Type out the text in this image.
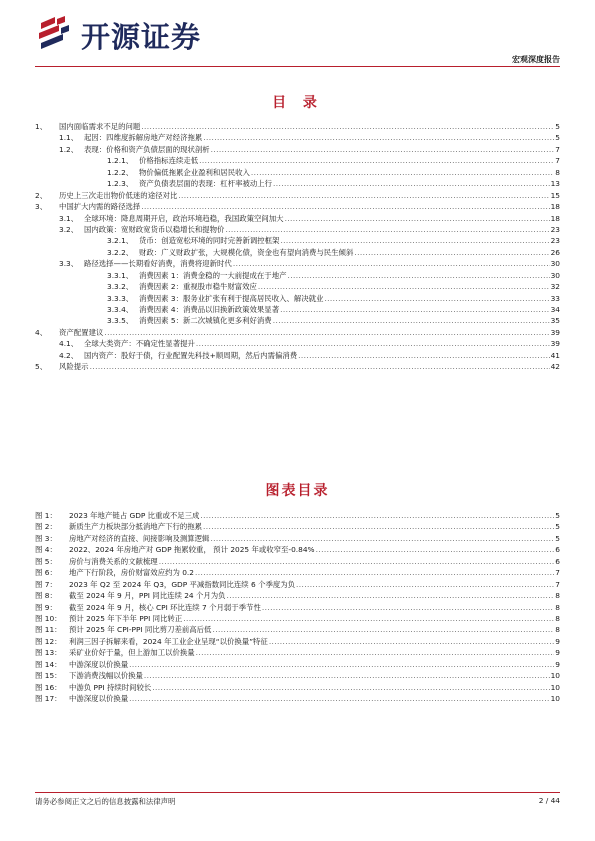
开源证券
宏观深度报告
目 录
1、	国内面临需求不足的问题 .....	5
1.1、 起因：四维度拆解房地产对经济拖累 .....	5
1.2、 表现：价格和资产负债层面的现状剖析 .....	7
1.2.1、 价格指标连续走低 .....	7
1.2.2、 物价偏低拖累企业盈利和居民收入 .....	8
1.2.3、 资产负债表层面的表现：杠杆率被动上行 .....	13
2、	历史上三次走出物价低迷的途径对比 .....	15
3、	中国扩大内需的路径选择 .....	18
3.1、 全球环境：降息周期开启，政治环境趋稳，我国政策空间加大 .....	18
3.2、 国内政策：宽财政宽货币以稳增长和提物价 .....	23
3.2.1、 货币：创造宽松环境的同时完善新调控框架 .....	23
3.2.2、 财政：广义财政扩张，大规模化债，资金也有望向消费与民生倾斜 .....	26
3.3、 路径选择——长期看好消费，消费将迎新时代 .....	30
3.3.1、 消费因素 1：消费金稳的一大前提成在于地产 .....	30
3.3.2、 消费因素 2：重视股市稳牛财富效应 .....	32
3.3.3、 消费因素 3：服务业扩张有利于提高居民收入、解决就业 .....	33
3.3.4、 消费因素 4：消费品以旧换新政策效果显著 .....	34
3.3.5、 消费因素 5：新二次城镇化更多利好消费 .....	35
4、	资产配置建议 .....	39
4.1、 全球大类资产：不确定性显著提升 .....	39
4.2、 国内资产：股好于债，行业配置先科技+顺周期，然后内需偏消费 .....	41
5、	风险提示 .....	42
图表目录
图 1：	2023 年地产链占 GDP 比重或不足三成 .....	5
图 2：	新质生产力板块部分抵消地产下行的拖累 .....	5
图 3：	房地产对经济的直接、间接影响及测算逻辑 .....	5
图 4：	2022、2024 年房地产对 GDP 拖累较重， 预计 2025 年或收窄至-0.84% .....	6
图 5：	房价与消费关系的文献梳理 .....	6
图 6：	地产下行阶段，房价财富效应约为 0.2 .....	7
图 7：	2023 年 Q2 至 2024 年 Q3，GDP 平减指数同比连续 6 个季度为负 .....	7
图 8：	截至 2024 年 9 月，PPI 同比连续 24 个月为负 .....	8
图 9：	截至 2024 年 9 月，核心 CPI 环比连续 7 个月弱于季节性 .....	8
图 10：	预计 2025 年下半年 PPI 同比转正 .....	8
图 11：	预计 2025 年 CPI-PPI 同比剪刀差前高后低 .....	8
图 12：	利润三因子拆解来看，2024 年工业企业呈现“以价换量”特征 .....	9
图 13：	采矿业价好于量，但上游加工以价换量 .....	9
图 14：	中游深度以价换量 .....	9
图 15：	下游消费浅幅以价换量 .....	10
图 16：	中游负 PPI 持续时间较长 .....	10
图 17：	中游深度以价换量 .....	10
请务必参阅正文之后的信息披露和法律声明	2 / 44
